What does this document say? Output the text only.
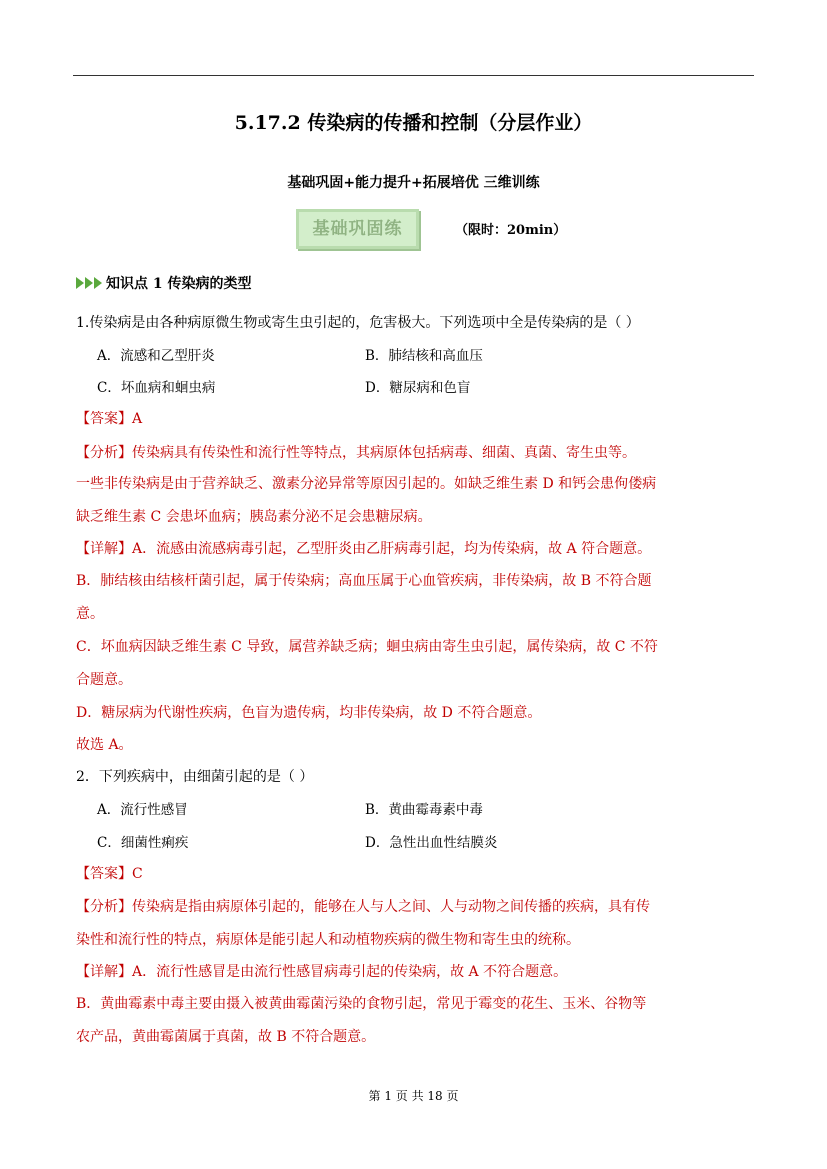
5.17.2 传染病的传播和控制（分层作业）
基础巩固+能力提升+拓展培优 三维训练
基础巩固练	（限时：20min）
知识点 1 传染病的类型
1.传染病是由各种病原微生物或寄生虫引起的，危害极大。下列选项中全是传染病的是（ ）
A．流感和乙型肝炎	B．肺结核和高血压
C．坏血病和蛔虫病	D．糖尿病和色盲
【答案】A
【分析】传染病具有传染性和流行性等特点，其病原体包括病毒、细菌、真菌、寄生虫等。
一些非传染病是由于营养缺乏、激素分泌异常等原因引起的。如缺乏维生素 D 和钙会患佝偻病
缺乏维生素 C 会患坏血病；胰岛素分泌不足会患糖尿病。
【详解】A．流感由流感病毒引起，乙型肝炎由乙肝病毒引起，均为传染病，故 A 符合题意。
B．肺结核由结核杆菌引起，属于传染病；高血压属于心血管疾病，非传染病，故 B 不符合题
意。
C．坏血病因缺乏维生素 C 导致，属营养缺乏病；蛔虫病由寄生虫引起，属传染病，故 C 不符
合题意。
D．糖尿病为代谢性疾病，色盲为遗传病，均非传染病，故 D 不符合题意。
故选 A。
2．下列疾病中，由细菌引起的是（ ）
A．流行性感冒	B．黄曲霉毒素中毒
C．细菌性痢疾	D．急性出血性结膜炎
【答案】C
【分析】传染病是指由病原体引起的，能够在人与人之间、人与动物之间传播的疾病，具有传
染性和流行性的特点，病原体是能引起人和动植物疾病的微生物和寄生虫的统称。
【详解】A．流行性感冒是由流行性感冒病毒引起的传染病，故 A 不符合题意。
B．黄曲霉素中毒主要由摄入被黄曲霉菌污染的食物引起，常见于霉变的花生、玉米、谷物等
农产品，黄曲霉菌属于真菌，故 B 不符合题意。
第 1 页 共 18 页
